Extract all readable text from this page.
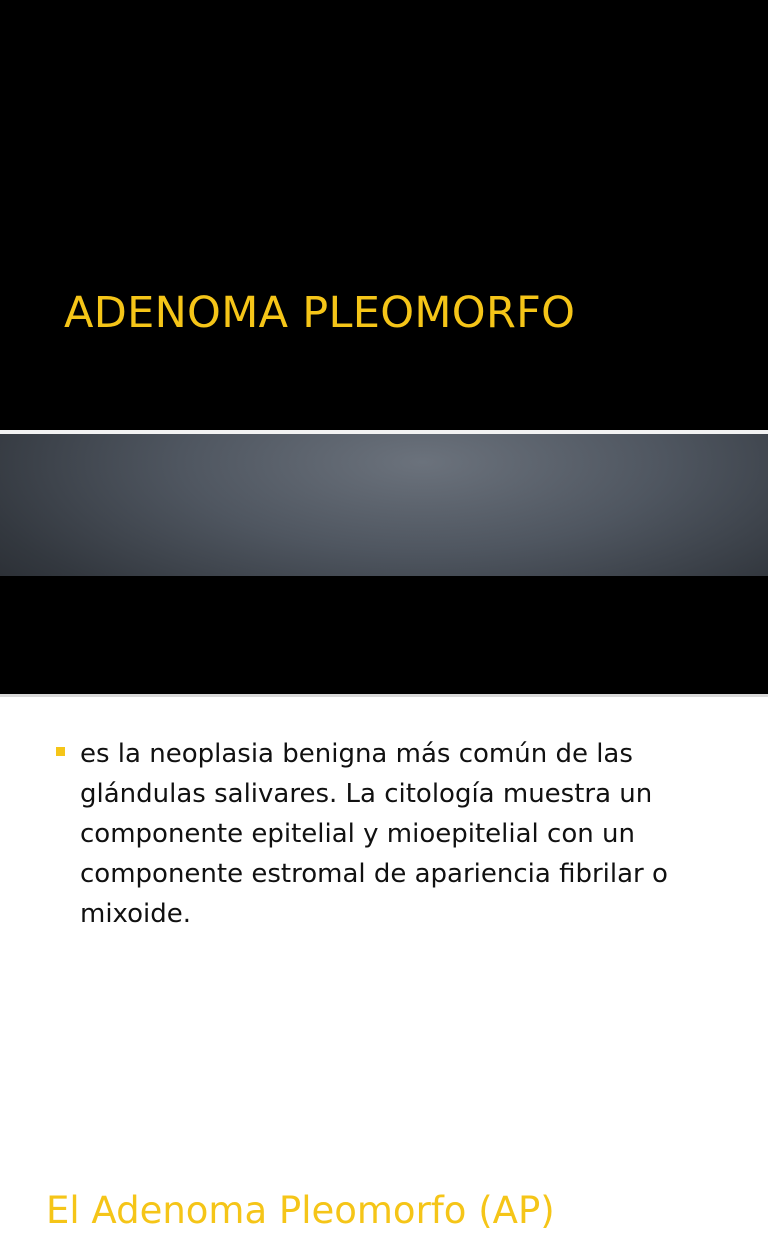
ADENOMA PLEOMORFO
El Adenoma Pleomorfo (AP)
es la neoplasia benigna más común de las glándulas salivares. La citología muestra un componente epitelial y mioepitelial con un componente estromal de apariencia fibrilar o mixoide.
